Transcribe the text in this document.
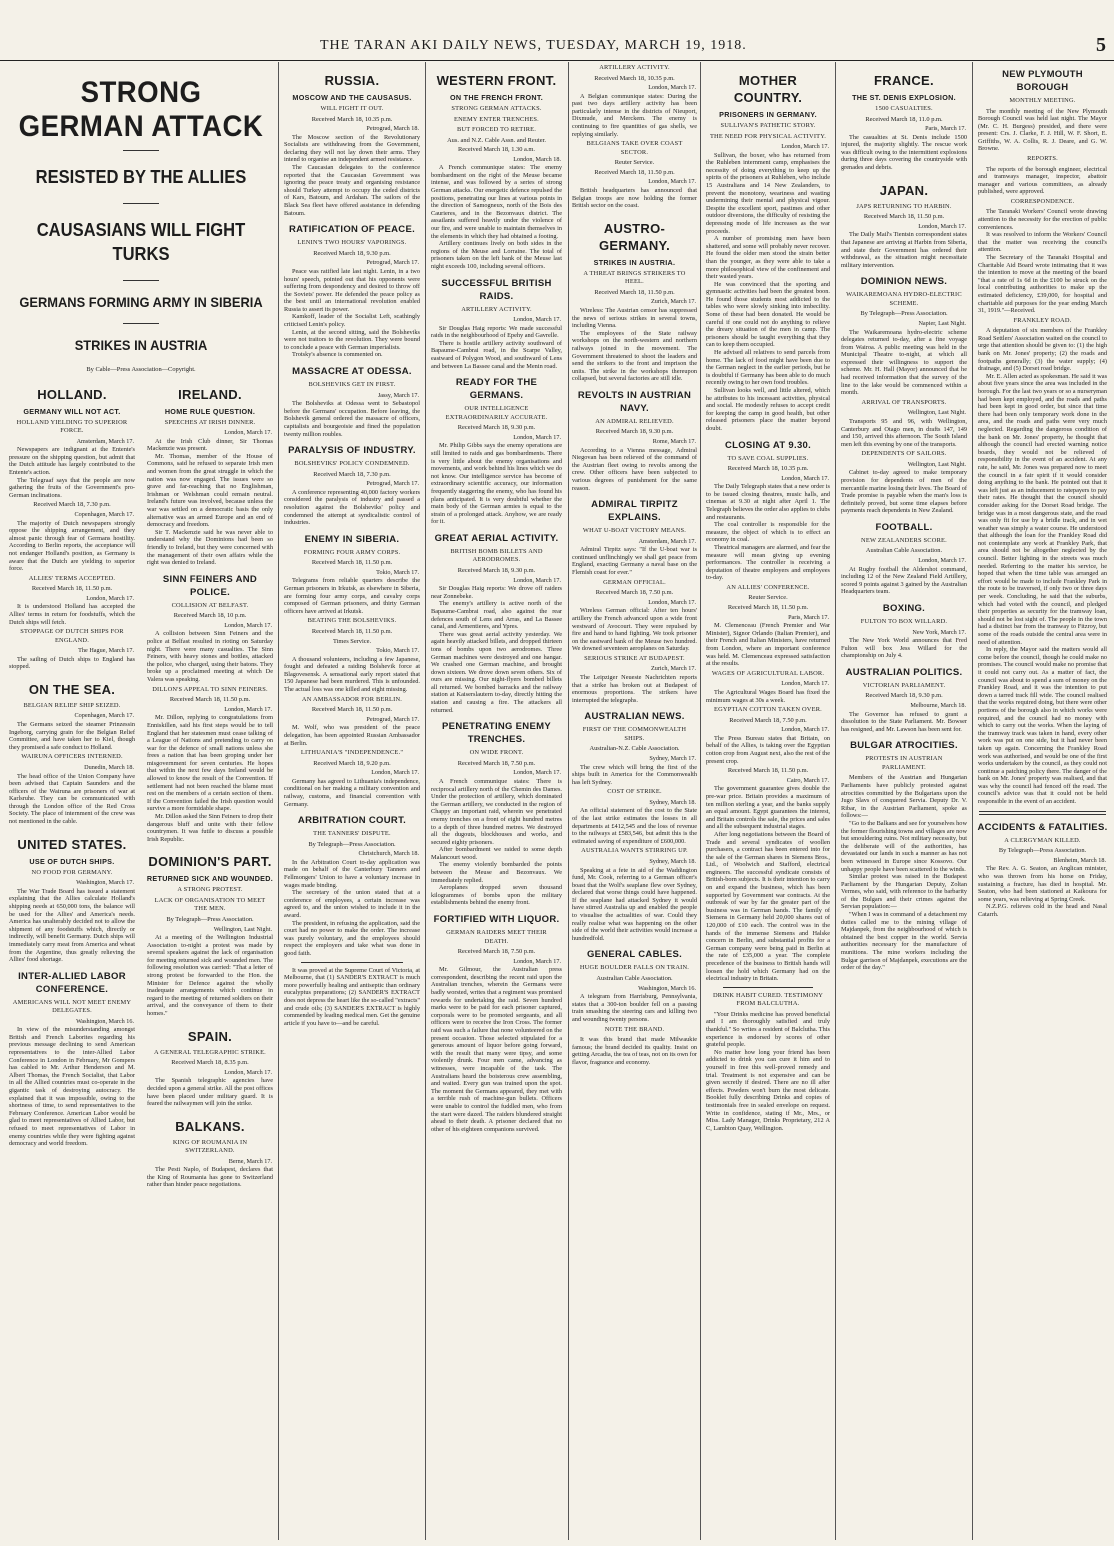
THE TARAN AKI DAILY NEWS, TUESDAY, MARCH 19, 1918.	5
STRONG GERMAN ATTACK
RESISTED BY THE ALLIES
CAUSASIANS WILL FIGHT TURKS
GERMANS FORMING ARMY IN SIBERIA
STRIKES IN AUSTRIA
By Cable—Press Association—Copyright.
HOLLAND.
GERMANY WILL NOT ACT.
HOLLAND YIELDING TO SUPERIOR FORCE.
Amsterdam, March 17.

Newspapers are indignant at the Entente's pressure on the shipping question, but admit that the Dutch attitude has largely contributed to the Entente's action.

The Telegraaf says that the people are now gathering the fruits of the Government's pro-German inclinations.

Received March 18, 7.30 p.m.
Copenhagen, March 17.

The majority of Dutch newspapers strongly oppose the shipping arrangement, and they almost panic through fear of Germans hostility. According to Berlin reports, the acceptance will not endanger Holland's position, as Germany is aware that the Dutch are yielding to superior force.

ALLIES' TERMS ACCEPTED.
Received March 18, 11.50 p.m.
London, March 17.

It is understood Holland has accepted the Allies' terms in return for foodstuffs, which the Dutch ships will fetch.

STOPPAGE OF DUTCH SHIPS FOR ENGLAND.
The Hague, March 17.

The sailing of Dutch ships to England has stopped.

ON THE SEA.
BELGIAN RELIEF SHIP SEIZED.
Copenhagen, March 17.

The Germans seized the steamer Prinzessin Ingeborg, carrying grain for the Belgian Relief Committee, and have taken her to Kiel, though they promised a safe conduct to Holland.

WAIRUNA OFFICERS INTERNED.
Dunedin, March 18.

The head office of the Union Company have been advised that Captain Saunders and the officers of the Wairuna are prisoners of war at Karlsruhe. They can be communicated with through the London office of the Red Cross Society. The place of internment of the crew was not mentioned in the cable.

UNITED STATES.
USE OF DUTCH SHIPS.
NO FOOD FOR GERMANY.
Washington, March 17.

The War Trade Board has issued a statement explaining that the Allies calculate Holland's shipping needs at 650,000 tons, the balance will be used for the Allies' and America's needs. America has unalterably decided not to allow the shipment of any foodstuffs which, directly or indirectly, will benefit Germany. Dutch ships will immediately carry meat from America and wheat from the Argentine, thus greatly relieving the Allies' food shortage.

INTER-ALLIED LABOR CONFERENCE.
AMERICANS WILL NOT MEET ENEMY DELEGATES.
Washington, March 16.

In view of the misunderstanding amongst British and French Laborites regarding his previous message declining to send American representatives to the inter-Allied Labor Conference in London in February, Mr Gompers has cabled to Mr. Arthur Henderson and M. Albert Thomas, the French Socialist, that Labor in all the Allied countries must co-operate in the gigantic task of destroying autocracy. He explained that it was impossible, owing to the shortness of time, to send representatives to the February Conference. American Labor would be glad to meet representatives of Allied Labor, but refused to meet representatives of Labor in enemy countries while they were fighting against democracy and world freedom.

IRELAND.
HOME RULE QUESTION.
SPEECHES AT IRISH DINNER.
London, March 17.

At the Irish Club dinner, Sir Thomas Mackenzie was present.

Mr. Thomas, member of the House of Commons, said he refused to separate Irish men and women from the great struggle in which the nation was now engaged. The issues were so grave and far-reaching that no Englishman, Irishman or Welshman could remain neutral. Ireland's future was involved, because unless the war was settled on a democratic basis the only alternative was an armed Europe and an end of democracy and freedom.

Sir T. Mackenzie said he was never able to understand why the Dominions had been so friendly to Ireland, but they were concerned with the management of their own affairs while the right was denied to Ireland.

SINN FEINERS AND POLICE.
COLLISION AT BELFAST.
Received March 18, 10 p.m.
London, March 17.

A collision between Sinn Feiners and the police at Belfast resulted in rioting on Saturday night. There were many casualties. The Sinn Feiners, with heavy stones and bottles, attacked the police, who charged, using their batons. They broke up a proclaimed meeting at which De Valera was speaking.

DILLON'S APPEAL TO SINN FEINERS.
Received March 18, 11.50 p.m.
London, March 17.

Mr. Dillon, replying to congratulations from Enniskillen, said his first steps would be to tell England that her statesmen must cease talking of a League of Nations and pretending to carry on war for the defence of small nations unless she frees a nation that has been groping under her misgovernment for seven centuries. He hopes that within the next few days Ireland would be allowed to know the result of the Convention. If settlement had not been reached the blame must rest on the members of a certain section of them. If the Convention failed the Irish question would survive a more formidable shape.

Mr. Dillon asked the Sinn Feiners to drop their dangerous bluff and unite with their fellow countrymen. It was futile to discuss a possible Irish Republic.

DOMINION'S PART.
RETURNED SICK AND WOUNDED.
A STRONG PROTEST.
LACK OF ORGANISATION TO MEET THE MEN.
By Telegraph—Press Association.
Wellington, Last Night.

At a meeting of the Wellington Industrial Association to-night a protest was made by several speakers against the lack of organisation for meeting returned sick and wounded men. The following resolution was carried: "That a letter of strong protest be forwarded to the Hon. the Minister for Defence against the wholly inadequate arrangements which continue in regard to the meeting of returned soldiers on their arrival, and the conveyance of them to their homes."

SPAIN.
A GENERAL TELEGRAPHIC STRIKE.
Received March 18, 8.35 p.m.
London, March 17.

The Spanish telegraphic agencies have decided upon a general strike. All the post offices have been placed under military guard. It is feared the railwaymen will join the strike.

BALKANS.
KING OF ROUMANIA IN SWITZERLAND.
Berne, March 17.

The Pesti Naplo, of Budapest, declares that the King of Roumania has gone to Switzerland rather than hinder peace negotiations.

RUSSIA.
MOSCOW AND THE CAUSASUS.
WILL FIGHT IT OUT.
Received March 18, 10.35 p.m.
Petrograd, March 18.

The Moscow section of the Revolutionary Socialists are withdrawing from the Government, declaring they will not lay down their arms. They intend to organise an independent armed resistance.

The Caucasian delegates to the conference reported that the Caucasian Government was ignoring the peace treaty and organising resistance should Turkey attempt to occupy the ceded districts of Kars, Batoum, and Ardahan. The sailors of the Black Sea fleet have offered assistance in defending Batoum.

RATIFICATION OF PEACE.
LENIN'S TWO HOURS' VAPORINGS.
Received March 18, 9.30 p.m.
Petrograd, March 17.

Peace was ratified late last night. Lenin, in a two hours' speech, pointed out that his opponents were suffering from despondency and desired to throw off the Soviets' power. He defended the peace policy as the best until an international revolution enabled Russia to assert its power.

Kamkoff, leader of the Socialist Left, scathingly criticised Lenin's policy.

Lenin, at the second sitting, said the Bolsheviks were not traitors to the revolution. They were bound to conclude a peace with German imperialists.

Trotsky's absence is commented on.

MASSACRE AT ODESSA.
BOLSHEVIKS GET IN FIRST.
Jassy, March 17.

The Bolsheviks at Odessa went to Sebastopol before the Germans' occupation. Before leaving, the Bolshevik general ordered the massacre of officers, capitalists and bourgeoisie and fined the population twenty million roubles.

PARALYSIS OF INDUSTRY.
BOLSHEVIKS' POLICY CONDEMNED.
Received March 18, 7.30 p.m.
Petrograd, March 17.

A conference representing 40,000 factory workers considered the paralysis of industry and passed a resolution against the Bolsheviks' policy and condemned the attempt at syndicalistic control of industries.

ENEMY IN SIBERIA.
FORMING FOUR ARMY CORPS.
Received March 18, 11.50 p.m.
Tokio, March 17.

Telegrams from reliable quarters describe the German prisoners in Irkutsk, as elsewhere in Siberia, are forming four army corps, and cavalry corps composed of German prisoners, and thirty German officers have arrived at Irkutsk.

BEATING THE BOLSHEVIKS.
Received March 18, 11.50 p.m.
Times Service.
Tokio, March 17.

A thousand volunteers, including a few Japanese, fought and defeated a raiding Bolshevik force at Blagovesensk. A sensational early report stated that 150 Japanese had been murdered. This is unfounded. The actual loss was one killed and eight missing.

AN AMBASSADOR FOR BERLIN.
Received March 18, 11.50 p.m.
Petrograd, March 17.

M. Wolf, who was president of the peace delegation, has been appointed Russian Ambassador at Berlin.

LITHUANIA'S "INDEPENDENCE."
Received March 18, 9.20 p.m.
London, March 17.

Germany has agreed to Lithuania's independence, conditional on her making a military convention and railway, customs, and financial convention with Germany.

ARBITRATION COURT.
THE TANNERS' DISPUTE.
By Telegraph—Press Association.
Christchurch, March 18.

In the Arbitration Court to-day application was made on behalf of the Canterbury Tanners and Fellmongers' Union to have a voluntary increase in wages made binding.

The secretary of the union stated that at a conference of employees, a certain increase was agreed to, and the union wished to include it in the award.

The president, in refusing the application, said the court had no power to make the order. The increase was purely voluntary, and the employees should respect the employers and take what was done in good faith.

It was proved at the Supreme Court of Victoria, at Melbourne, that (1) SANDER'S EXTRACT is much more powerfully healing and antiseptic than ordinary eucalyptus preparations; (2) SANDER'S EXTRACT does not depress the heart like the so-called "extracts" and crude oils; (3) SANDER'S EXTRACT is highly commended by leading medical men. Get the genuine article if you have to—and be careful.

WESTERN FRONT.
ON THE FRENCH FRONT.
STRONG GERMAN ATTACKS.
ENEMY ENTER TRENCHES.
BUT FORCED TO RETIRE.
Aus. and N.Z. Cable Assn. and Reuter.
Received March 18, 1.30 a.m.
London, March 18.

A French communique states: The enemy bombardment on the right of the Meuse became intense, and was followed by a series of strong German attacks. Our energetic defence repulsed the positions, penetrating our lines at various points in the direction of Samogneux, north of the Bois des Caurieres, and in the Bezonvaux district. The assailants suffered heavily under the violence of our fire, and were unable to maintain themselves in the elements in which they had obtained a footing.

Artillery continues lively on both sides in the regions of the Meuse and Lorraine. The total of prisoners taken on the left bank of the Meuse last night exceeds 100, including several officers.

SUCCESSFUL BRITISH RAIDS.
ARTILLERY ACTIVITY.
London, March 17.

Sir Douglas Haig reports: We made successful raids in the neighbourhood of Epehy and Gavrelle.

There is hostile artillery activity southward of Bapaume-Cambrai road, in the Scarpe Valley, eastward of Polygon Wood, and southward of Lens and between La Bassee canal and the Menin road.

READY FOR THE GERMANS.
OUR INTELLIGENCE EXTRAORDINARILY ACCURATE.
Received March 18, 9.30 p.m.
London, March 17.

Mr. Philip Gibbs says the enemy operations are still limited to raids and gas bombardments. There is very little about the enemy organisations and movements, and work behind his lines which we do not know. Our intelligence service has become of extraordinary scientific accuracy, our information frequently staggering the enemy, who has found his plans anticipated. It is very doubtful whether the main body of the German armies is equal to the strain of a prolonged attack. Anyhow, we are ready for it.

GREAT AERIAL ACTIVITY.
BRITISH BOMB BILLETS AND AERODROMES.
Received March 18, 9.30 p.m.
London, March 17.

Sir Douglas Haig reports: We drove off raiders near Zonnebeke.

The enemy's artillery is active north of the Bapaume-Cambrai road, also against the rear defences south of Lens and Arras, and La Bassee canal, and Armentieres, and Ypres.

There was great aerial activity yesterday. We again heavily attacked billets, and dropped thirteen tons of bombs upon two aerodromes. Three German machines were destroyed and one hangar. We crashed one German machine, and brought down sixteen. We drove down seven others. Six of ours are missing. Our night-flyers bombed billets all returned. We bombed barracks and the railway station at Kaiserslautern to-day, directly hitting the station and causing a fire. The attackers all returned.

PENETRATING ENEMY TRENCHES.
ON WIDE FRONT.
Received March 18, 7.50 p.m.
London, March 17.

A French communique states: There is reciprocal artillery north of the Chemin des Dames. Under the protection of artillery, which dominated the German artillery, we conducted in the region of Chappy an important raid, wherein we penetrated enemy trenches on a front of eight hundred metres to a depth of three hundred metres. We destroyed all the dugouts, blockhouses and works, and secured eighty prisoners.

After bombardment we raided to some depth Malancourt wood.

The enemy violently bombarded the points between the Meuse and Bezonvaux. We immediately replied.

Aeroplanes dropped seven thousand kilogrammes of bombs upon the military establishments behind the enemy front.

FORTIFIED WITH LIQUOR.
GERMAN RAIDERS MEET THEIR DEATH.
Received March 18, 7.50 p.m.
London, March 17.

Mr. Gilmour, the Australian press correspondent, describing the recent raid upon the Australian trenches, wherein the Germans were badly worsted, writes that a regiment was promised rewards for undertaking the raid. Seven hundred marks were to be paid for each prisoner captured, corporals were to be promoted sergeants, and all officers were to receive the Iron Cross. The former raid was such a failure that none volunteered on the present occasion. Those selected stipulated for a generous amount of liquor before going forward, with the result that many were tipsy, and some violently drunk. Four men came, advancing as witnesses, were incapable of the task. The Australians heard the boisterous crew assembling, and waited. Every gun was trained upon the spot. The moment the Germans appeared, they met with a terrible rush of machine-gun bullets. Officers were unable to control the fuddled men, who from the start were dazed. The raiders blundered straight ahead to their death. A prisoner declared that no other of his eighteen companions survived.

ARTILLERY ACTIVITY.
Received March 18, 10.35 p.m.
London, March 17.

A Belgian communique states: During the past two days artillery activity has been particularly intense in the districts of Nieuport, Dixmude, and Merckem. The enemy is continuing to fire quantities of gas shells, we replying similarly.

BELGIANS TAKE OVER COAST SECTOR.
Reuter Service.
Received March 18, 11.50 p.m.
London, March 17.

British headquarters has announced that Belgian troops are now holding the former British sector on the coast.

AUSTRO-GERMANY.
STRIKES IN AUSTRIA.
A THREAT BRINGS STRIKERS TO HEEL.
Received March 18, 11.50 p.m.
Zurich, March 17.

Wireless: The Austrian censor has suppressed the news of serious strikes in several towns, including Vienna.

The employees of the State railway workshops on the north-western and northern railways joined in the movement. The Government threatened to shoot the leaders and send the strikers to the front and imprison the units. The strike in the workshops thereupon collapsed, but several factories are still idle.

REVOLTS IN AUSTRIAN NAVY.
AN ADMIRAL RELIEVED.
Received March 18, 9.30 p.m.
Rome, March 17.

According to a Vienna message, Admiral Niegovan has been relieved of the command of the Austrian fleet owing to revolts among the crew. Other officers have been subjected to various degrees of punishment for the same reason.

ADMIRAL TIRPITZ EXPLAINS.
WHAT U-BOAT VICTORY MEANS.
Amsterdam, March 17.

Admiral Tirpitz says: "If the U-boat war is continued unflinchingly we shall get peace from England, exacting Germany a naval base on the Flemish coast for ever."

GERMAN OFFICIAL.
Received March 18, 7.50 p.m.
London, March 17.

Wireless German official: After ten hours' artillery the French advanced upon a wide front westward of Avocourt. They were repulsed by fire and hand to hand fighting. We took prisoner on the eastward bank of the Meuse two hundred. We downed seventeen aeroplanes on Saturday.

SERIOUS STRIKE AT BUDAPEST.
Zurich, March 17.

The Leipziger Neueste Nachrichten reports that a strike has broken out at Budapest of enormous proportions. The strikers have interrupted the telegraphs.

AUSTRALIAN NEWS.
FIRST OF THE COMMONWEALTH SHIPS.
Australian-N.Z. Cable Association.
Sydney, March 17.

The crew which will bring the first of the ships built in America for the Commonwealth has left Sydney.

COST OF STRIKE.
Sydney, March 18.

An official statement of the cost to the State of the last strike estimates the losses in all departments at £412,545 and the loss of revenue to the railways at £583,546, but admit this is the estimated saving of expenditure of £600,000.

AUSTRALIA WANTS STIRRING UP.
Sydney, March 18.

Speaking at a fete in aid of the Waddington fund, Mr. Cook, referring to a German officer's boast that the Wolf's seaplane flew over Sydney, declared that worse things could have happened. If the seaplane had attacked Sydney it would have stirred Australia up and enabled the people to visualise the actualities of war. Could they really realise what was happening on the other side of the world their activities would increase a hundredfold.

GENERAL CABLES.
HUGE BOULDER FALLS ON TRAIN.
Australian Cable Association.
Washington, March 16.

A telegram from Harrisburg, Pennsylvania, states that a 300-ton boulder fell on a passing train smashing the steering cars and killing two and wounding twenty persons.

NOTE THE BRAND.

It was this brand that made Milwaukie famous; the brand decided its quality. Insist on getting Arcadia, the tea of teas, not on its own for flavor, fragrance and economy.

MOTHER COUNTRY.
PRISONERS IN GERMANY.
SULLIVAN'S PATHETIC STORY.
THE NEED FOR PHYSICAL ACTIVITY.
London, March 17.

Sullivan, the boxer, who has returned from the Ruhleben internment camp, emphasises the necessity of doing everything to keep up the spirits of the prisoners at Ruhleben, who include 15 Australians and 14 New Zealanders, to prevent the monotony, weariness and wasting undermining their mental and physical vigour. Despite the excellent sport, pastimes and other outdoor diversions, the difficulty of resisting the depressing mode of life increases as the war proceeds.

A number of promising men have been shattered, and some will probably never recover. He found the older men stood the strain better than the younger, as they were able to take a more philosophical view of the confinement and their wasted years.

He was convinced that the sporting and gymnastic activities had been the greatest boon. He found those students most addicted to the tables who were slowly sinking into imbecility. Some of these had been donated. He would be careful if one could not do anything to relieve the dreary situation of the men in camp. The prisoners should be taught everything that they can to keep them occupied.

He advised all relatives to send parcels from home. The lack of food might have been due to the German neglect in the earlier periods, but he is doubtful if Germany has been able to do much recently owing to her own food troubles.

Sullivan looks well, and little altered, which he attributes to his incessant activities, physical and social. He modestly refuses to accept credit for keeping the camp in good health, but other released prisoners place the matter beyond doubt.

CLOSING AT 9.30.
TO SAVE COAL SUPPLIES.
Received March 18, 10.35 p.m.
London, March 17.

The Daily Telegraph states that a new order is to be issued closing theatres, music halls, and cinemas at 9.30 at night after April 1. The Telegraph believes the order also applies to clubs and restaurants.

The coal controller is responsible for the measure, the object of which is to effect an economy in coal.

Theatrical managers are alarmed, and fear the measure will mean giving up evening performances. The controller is receiving a deputation of theatre employers and employees to-day.

AN ALLIES' CONFERENCE.
Reuter Service.
Received March 18, 11.50 p.m.
Paris, March 17.

M. Clemenceau (French Premier and War Minister), Signor Orlando (Italian Premier), and their French and Italian Ministers, have returned from London, where an important conference was held. M. Clemenceau expressed satisfaction at the results.

WAGES OF AGRICULTURAL LABOR.
London, March 17.

The Agricultural Wages Board has fixed the minimum wages at 30s a week.

EGYPTIAN COTTON TAKEN OVER.
Received March 18, 7.50 p.m.
London, March 17.

The Press Bureau states that Britain, on behalf of the Allies, is taking over the Egyptian cotton crop from August next, also the rest of the present crop.

Received March 18, 11.50 p.m.
Cairo, March 17.

The government guarantee gives double the pre-war price. Britain provides a maximum of ten million sterling a year, and the banks supply an equal amount. Egypt guarantees the interest, and Britain controls the sale, the prices and sales and all the subsequent industrial stages.

After long negotiations between the Board of Trade and several syndicates of woollen purchasers, a contract has been entered into for the sale of the German shares in Siemens Bros., Ltd., of Woolwich and Stafford, electrical engineers. The successful syndicate consists of British-born subjects. It is their intention to carry on and expand the business, which has been supported by Government war contracts. At the outbreak of war by far the greater part of the business was in German hands. The family of Siemens in Germany held 20,000 shares out of 120,000 of £10 each. The control was in the hands of the immense Siemens and Halske concern in Berlin, and substantial profits for a German company were being paid in Berlin at the rate of £35,000 a year. The complete precedence of the business to British hands will loosen the hold which Germany had on the electrical industry in Britain.

DRINK HABIT CURED. TESTIMONY FROM BALCLUTHA.

"Your Drinks medicine has proved beneficial and I am thoroughly satisfied and truly thankful." So writes a resident of Balclutha. This experience is endorsed by scores of other grateful people.

No matter how long your friend has been addicted to drink you can cure it him and to yourself in free this well-proved remedy and trial. Treatment is not expensive and can be given secretly if desired. There are no ill after effects. Powders won't burn the most delicate. Booklet fully describing Drinks and copies of testimonials free in sealed envelope on request. Write in confidence, stating if Mr., Mrs., or Miss. Lady Manager, Drinks Proprietary, 212 A C, Lambton Quay, Wellington.

FRANCE.
THE ST. DENIS EXPLOSION.
1500 CASUALTIES.
Received March 18, 11.0 p.m.
Paris, March 17.

The casualties at St. Denis include 1500 injured, the majority slightly. The rescue work was difficult owing to the intermittent explosions during three days covering the countryside with grenades and debris.

JAPAN.
JAPS RETURNING TO HARBIN.
Received March 18, 11.50 p.m.
London, March 17.

The Daily Mail's Tientsin correspondent states that Japanese are arriving at Harbin from Siberia, and state their Government has ordered their withdrawal, as the situation might necessitate military intervention.

DOMINION NEWS.
WAIKAREMOANA HYDRO-ELECTRIC SCHEME.
By Telegraph—Press Association.
Napier, Last Night.

The Waikaremoana hydro-electric scheme delegates returned to-day, after a fine voyage from Wairoa. A public meeting was held in the Municipal Theatre to-night, at which all expressed their willingness to support the scheme. Mr. H. Hall (Mayor) announced that he had received information that the survey of the line to the lake would be commenced within a month.

ARRIVAL OF TRANSPORTS.
Wellington, Last Night.

Transports 95 and 96, with Wellington, Canterbury and Otago men, in drafts 147, 149 and 150, arrived this afternoon. The South Island men left this evening by one of the transports.

DEPENDENTS OF SAILORS.
Wellington, Last Night.

Cabinet to-day agreed to make temporary provision for dependents of men of the mercantile marine losing their lives. The Board of Trade promise is payable when the man's loss is definitely proved, but some time elapses before payments reach dependents in New Zealand.

FOOTBALL.
NEW ZEALANDERS SCORE.
Australian Cable Association.
London, March 17.

At Rugby football the Aldershot command, including 12 of the New Zealand Field Artillery, scored 9 points against 3 gained by the Australian Headquarters team.

BOXING.
FULTON TO BOX WILLARD.
New York, March 17.

The New York World announces that Fred Fulton will box Jess Willard for the championship on July 4.

AUSTRALIAN POLITICS.
VICTORIAN PARLIAMENT.
Received March 18, 9.30 p.m.
Melbourne, March 18.

The Governor has refused to grant a dissolution to the State Parliament. Mr. Bowser has resigned, and Mr. Lawson has been sent for.

BULGAR ATROCITIES.
PROTESTS IN AUSTRIAN PARLIAMENT.

Members of the Austrian and Hungarian Parliaments have publicly protested against atrocities committed by the Bulgarians upon the Jugo Slavs of conquered Servia. Deputy Dr. V. Ribar, in the Austrian Parliament, spoke as follows:—

"Go to the Balkans and see for yourselves how the former flourishing towns and villages are now but smouldering ruins. Not military necessity, but the deliberate will of the authorities, has devastated our lands in such a manner as has not been witnessed in Europe since Kossovo. Our unhappy people have been scattered to the winds.

Similar protest was raised in the Budapest Parliament by the Hungarian Deputy, Zoltan Vermes, who said, with reference to the barbarity of the Bulgars and their crimes against the Servian population:—

"When I was in command of a detachment my duties called me to the mining village of Majdanpek, from the neighbourhood of which is obtained the best copper in the world. Servia authorities necessary for the manufacture of munitions. The mine workers including the Bulgar garrison of Majdanpek, executions are the order of the day."

NEW PLYMOUTH BOROUGH
MONTHLY MEETING.

The monthly meeting of the New Plymouth Borough Council was held last night. The Mayor (Mr. C. H. Burgess) presided, and there were present: Crs. J. Clarke, F. J. Hill, W. F. Short, E. Griffiths, W. A. Collis, R. J. Deare, and G. W. Browne.

REPORTS.

The reports of the borough engineer, electrical and tramways manager, inspector, abattoir manager and various committees, as already published, were approved.

CORRESPONDENCE.

The Taranaki Workers' Council wrote drawing attention to the necessity for the erection of public conveniences.

It was resolved to inform the Workers' Council that the matter was receiving the council's attention.

The Secretary of the Taranaki Hospital and Charitable Aid Board wrote intimating that it was the intention to move at the meeting of the board "that a rate of 1s 6d in the £100 be struck on the local contributing authorities to make up the estimated deficiency, £39,000, for hospital and charitable aid purposes for the year ending March 31, 1919."—Received.

FRANKLEY ROAD.

A deputation of six members of the Frankley Road Settlers' Association waited on the council to urge that attention should be given to: (1) the high bank on Mr. Jones' property; (2) the roads and footpaths generally; (3) the water supply; (4) drainage, and (5) Dorset road bridge.

Mr. E. Allen acted as spokesman. He said it was about five years since the area was included in the borough. For the last two years or so a nurseryman had been kept employed, and the roads and paths had been kept in good order, but since that time there had been only temporary work done in the area, and the roads and paths were very much neglected. Regarding the dangerous condition of the bank on Mr. Jones' property, he thought that although the council had erected warning notice boards, they would not be relieved of responsibility in the event of an accident. At any rate, he said, Mr. Jones was prepared now to meet the council in a fair spirit if it would consider doing anything to the bank. He pointed out that it was left just as an inducement to ratepayers to pay their rates. He thought that the council should consider asking for the Dorset Road bridge. The bridge was in a most dangerous state, and the road was only fit for use by a bridle track, and in wet weather was simply a water course. He understood that although the loan for the Frankley Road did not contemplate any work at Frankley Park, that area should not be altogether neglected by the council. Better lighting in the streets was much needed. Referring to the matter his service, he hoped that when the time table was arranged an effort would be made to include Frankley Park in the route to be traversed, if only two or three days per week. Concluding, he said that the suburbs, which had voted with the council, and pledged their properties as security for the tramway loan, should not be lost sight of. The people in the town had a distinct bar from the tramway to Fitzroy, but some of the roads outside the central area were in need of attention.

In reply, the Mayor said the matters would all come before the council, though he could make no promises. The council would make no promise that it could not carry out. As a matter of fact, the council was about to spend a sum of money on the Frankley Road, and it was the intention to put down a tarred track fill wide. The council realised that the works required doing, but there were other portions of the borough also in which works were required, and the council had no money with which to carry out the works. When the laying of the tramway track was taken in hand, every other work was put on one side, but it had never been taken up again. Concerning the Frankley Road work was authorised, and would be one of the first works undertaken by the council, as they could not continue a patching policy there. The danger of the bank on Mr. Jones' property was realised, and that was why the council had fenced off the road. The council's advice was that it could not be held responsible in the event of an accident.

ACCIDENTS & FATALITIES.
A CLERGYMAN KILLED.
By Telegraph—Press Association.
Blenheim, March 18.

The Rev. A. G. Seaton, an Anglican minister, who was thrown from his horse on Friday, sustaining a fracture, has died in hospital. Mr. Seaton, who had been stationed at Kaikoura for some years, was relieving at Spring Creek.

N.Z.P.G. relieves cold in the head and Nasal Catarrh.
